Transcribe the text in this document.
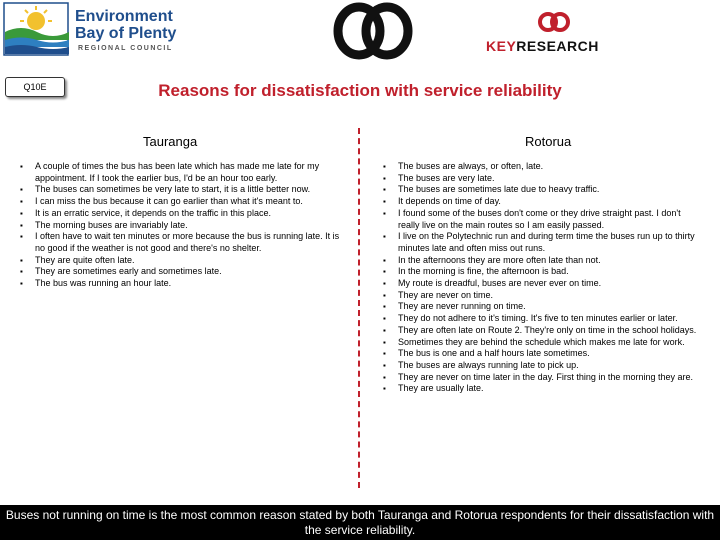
Environment
Bay of Plenty
REGIONAL COUNCIL	KEYRESEARCH
Q10E	Reasons for dissatisfaction with service reliability
Tauranga	Rotorua
▪ A couple of times the bus has been late which has made me late for my appointment. If I took the earlier bus, I'd be an hour too early.
▪ The buses can sometimes be very late to start, it is a little better now.
▪ I can miss the bus because it can go earlier than what it's meant to.
▪ It is an erratic service, it depends on the traffic in this place.
▪ The morning buses are invariably late.
▪ I often have to wait ten minutes or more because the bus is running late. It is no good if the weather is not good and there's no shelter.
▪ They are quite often late.
▪ They are sometimes early and sometimes late.
▪ The bus was running an hour late.
▪ The buses are always, or often, late.
▪ The buses are very late.
▪ The buses are sometimes late due to heavy traffic.
▪ It depends on time of day.
▪ I found some of the buses don't come or they drive straight past. I don't really live on the main routes so I am easily passed.
▪ I live on the Polytechnic run and during term time the buses run up to thirty minutes late and often miss out runs.
▪ In the afternoons they are more often late than not.
▪ In the morning is fine, the afternoon is bad.
▪ My route is dreadful, buses are never ever on time.
▪ They are never on time.
▪ They are never running on time.
▪ They do not adhere to it's timing. It's five to ten minutes earlier or later.
▪ They are often late on Route 2. They're only on time in the school holidays.
▪ Sometimes they are behind the schedule which makes me late for work.
▪ The bus is one and a half hours late sometimes.
▪ The buses are always running late to pick up.
▪ They are never on time later in the day. First thing in the morning they are.
▪ They are usually late.
Buses not running on time is the most common reason stated by both Tauranga and Rotorua respondents for their dissatisfaction with the service reliability.
